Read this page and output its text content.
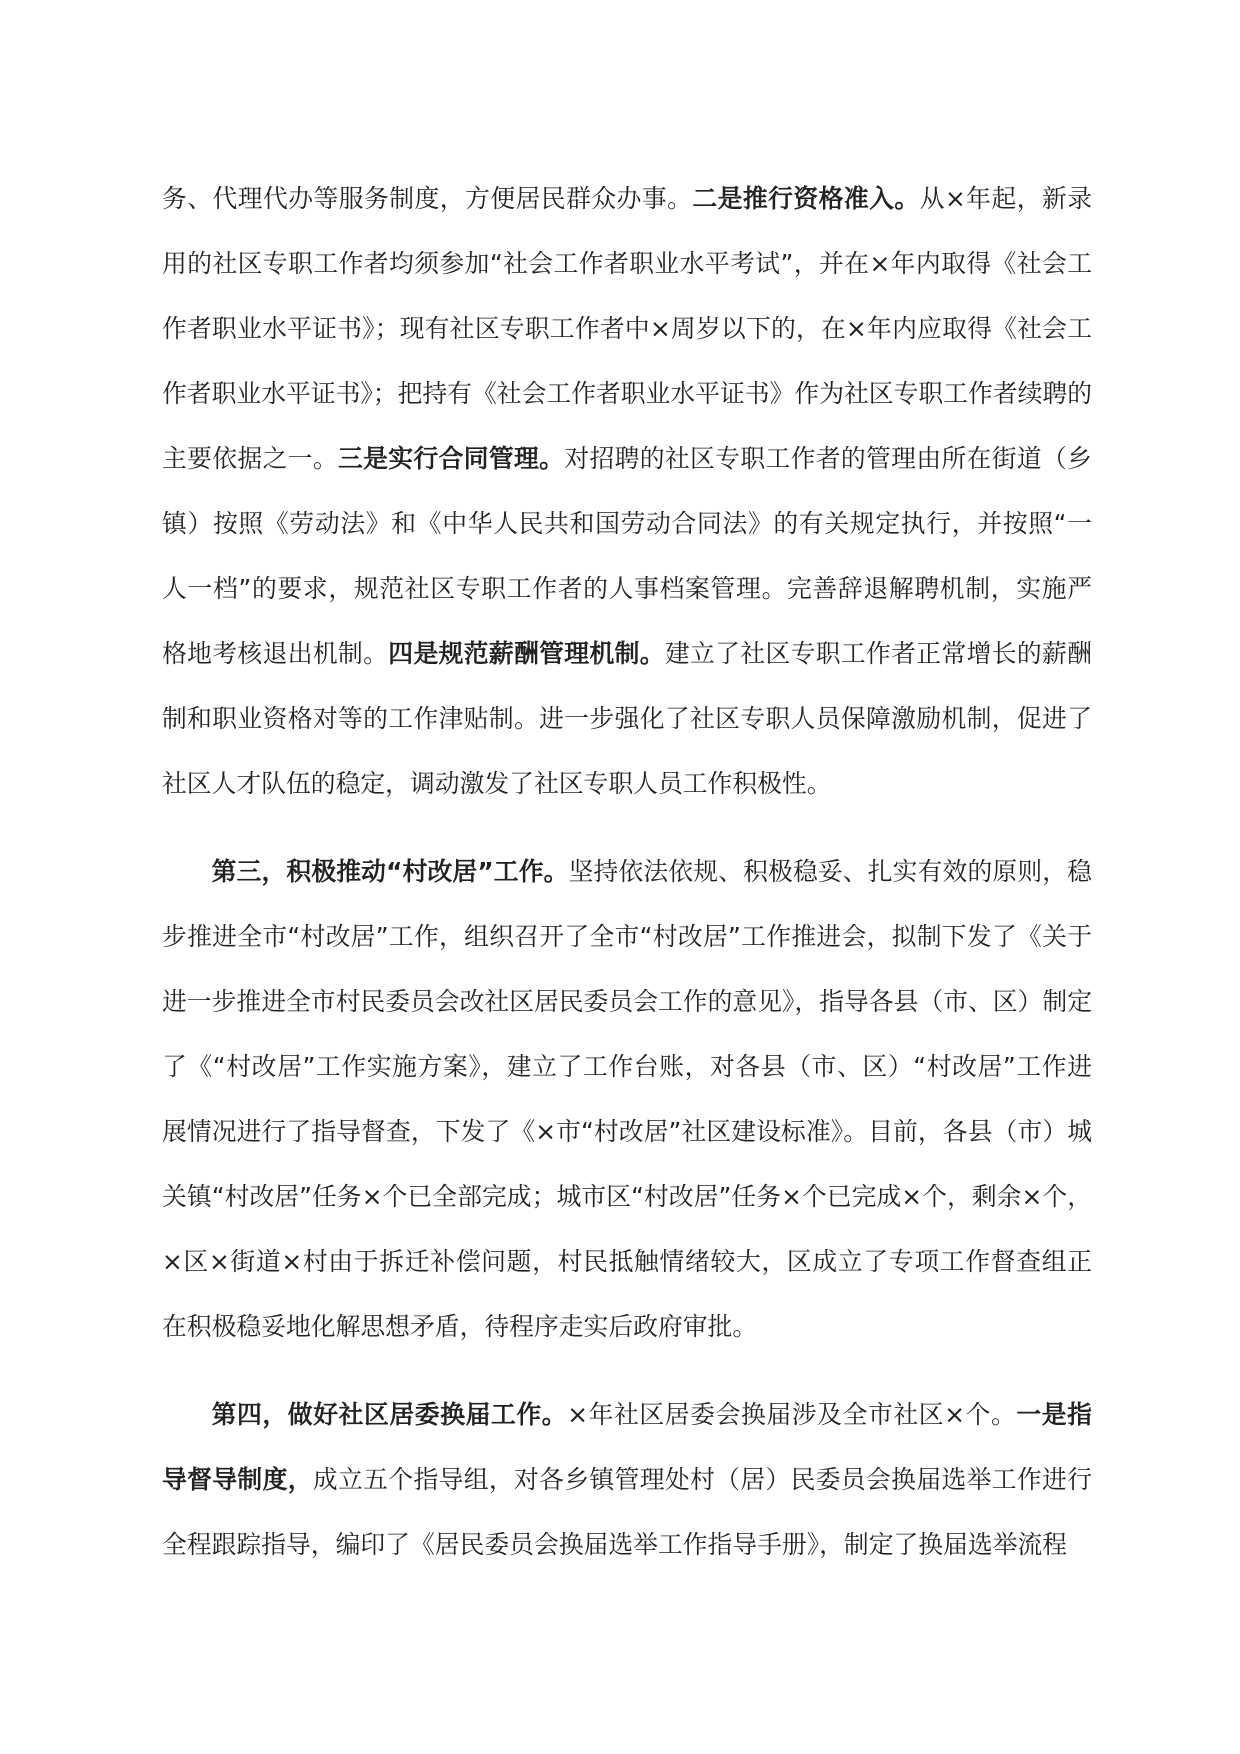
务、代理代办等服务制度，方便居民群众办事。二是推行资格准入。从×年起，新录用的社区专职工作者均须参加“社会工作者职业水平考试”，并在×年内取得《社会工作者职业水平证书》；现有社区专职工作者中×周岁以下的，在×年内应取得《社会工作者职业水平证书》；把持有《社会工作者职业水平证书》作为社区专职工作者续聘的主要依据之一。三是实行合同管理。对招聘的社区专职工作者的管理由所在街道（乡镇）按照《劳动法》和《中华人民共和国劳动合同法》的有关规定执行，并按照“一人一档”的要求，规范社区专职工作者的人事档案管理。完善辞退解聘机制，实施严格地考核退出机制。四是规范薪酬管理机制。建立了社区专职工作者正常增长的薪酬制和职业资格对等的工作津贴制。进一步强化了社区专职人员保障激励机制，促进了社区人才队伍的稳定，调动激发了社区专职人员工作积极性。

第三，积极推动“村改居”工作。坚持依法依规、积极稳妥、扎实有效的原则，稳步推进全市“村改居”工作，组织召开了全市“村改居”工作推进会，拟制下发了《关于进一步推进全市村民委员会改社区居民委员会工作的意见》，指导各县（市、区）制定了《“村改居”工作实施方案》，建立了工作台账，对各县（市、区）“村改居”工作进展情况进行了指导督查，下发了《×市“村改居”社区建设标准》。目前，各县（市）城关镇“村改居”任务×个已全部完成；城市区“村改居”任务×个已完成×个，剩余×个，×区×街道×村由于拆迁补偿问题，村民抵触情绪较大，区成立了专项工作督查组正在积极稳妥地化解思想矛盾，待程序走实后政府审批。

第四，做好社区居委换届工作。×年社区居委会换届涉及全市社区×个。一是指导督导制度，成立五个指导组，对各乡镇管理处村（居）民委员会换届选举工作进行全程跟踪指导，编印了《居民委员会换届选举工作指导手册》，制定了换届选举流程
